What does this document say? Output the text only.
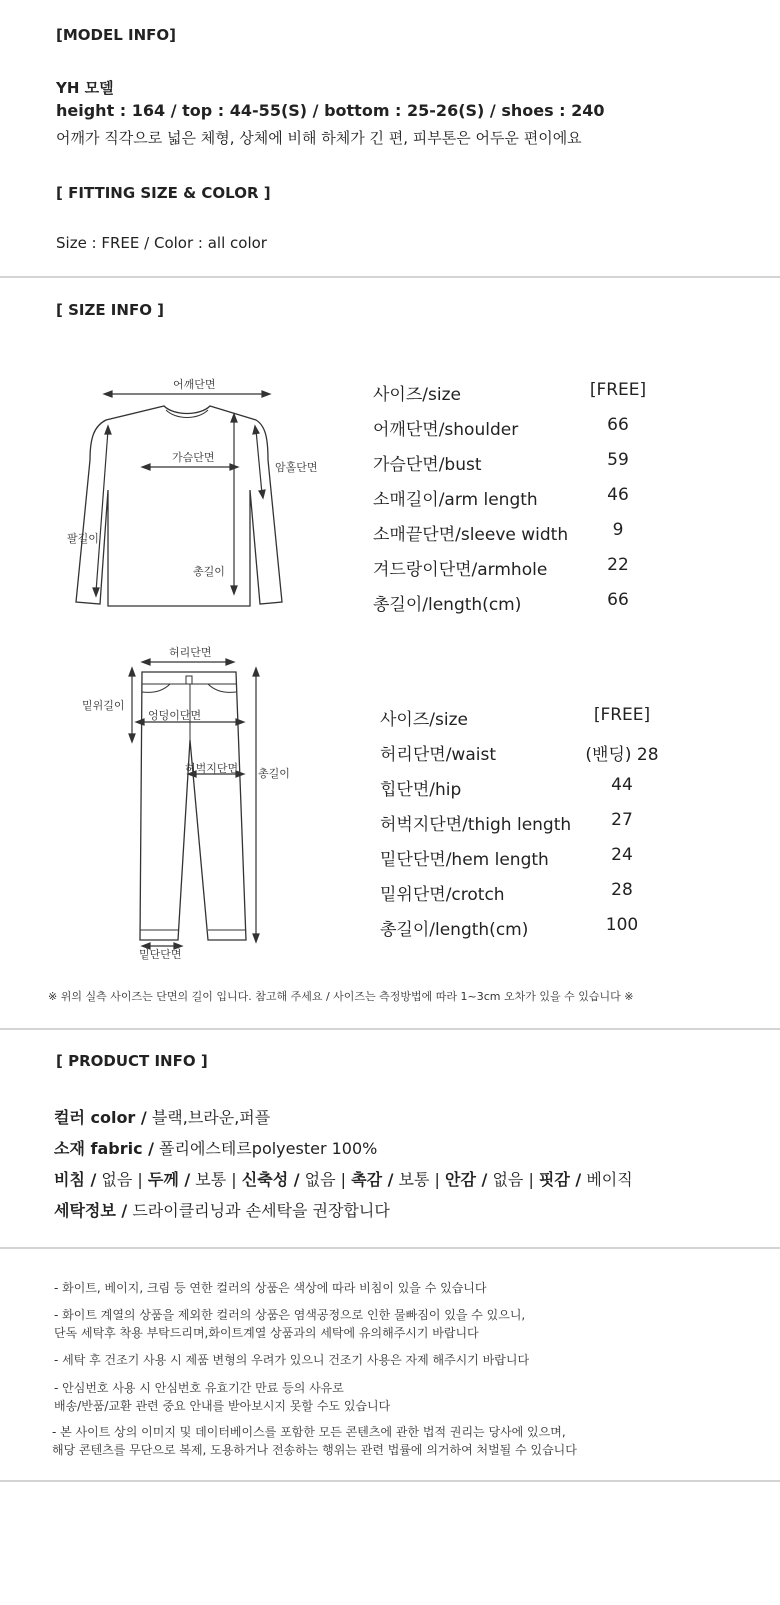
[MODEL INFO]
YH 모델
height : 164 / top : 44-55(S) / bottom : 25-26(S) / shoes : 240
어깨가 직각으로 넓은 체형, 상체에 비해 하체가 긴 편, 피부톤은 어두운 편이에요
[ FITTING SIZE & COLOR ]
Size : FREE / Color : all color
[ SIZE INFO ]
어깨단면
가슴단면
암홀단면
팔길이
총길이
사이즈/size	[FREE]
어깨단면/shoulder	66
가슴단면/bust	59
소매길이/arm length	46
소매끝단면/sleeve width	9
겨드랑이단면/armhole	22
총길이/length(cm)	66
허리단면
밑위길이
엉덩이단면
허벅지단면 총길이
밑단단면
사이즈/size	[FREE]
허리단면/waist	(밴딩) 28
힙단면/hip	44
허벅지단면/thigh length	27
밑단단면/hem length	24
밑위단면/crotch	28
총길이/length(cm)	100
※ 위의 실측 사이즈는 단면의 길이 입니다. 참고해 주세요 / 사이즈는 측정방법에 따라 1~3cm 오차가 있을 수 있습니다 ※
[ PRODUCT INFO ]
컬러 color / 블랙,브라운,퍼플
소재 fabric / 폴리에스테르polyester 100%
비침 / 없음 | 두께 / 보통 | 신축성 / 없음 | 촉감 / 보통 | 안감 / 없음 | 핏감 / 베이직
세탁정보 / 드라이클리닝과 손세탁을 권장합니다
- 화이트, 베이지, 크림 등 연한 컬러의 상품은 색상에 따라 비침이 있을 수 있습니다
- 화이트 계열의 상품을 제외한 컬러의 상품은 염색공정으로 인한 물빠짐이 있을 수 있으니,
단독 세탁후 착용 부탁드리며,화이트계열 상품과의 세탁에 유의해주시기 바랍니다
- 세탁 후 건조기 사용 시 제품 변형의 우려가 있으니 건조기 사용은 자제 해주시기 바랍니다
- 안심번호 사용 시 안심번호 유효기간 만료 등의 사유로
배송/반품/교환 관련 중요 안내를 받아보시지 못할 수도 있습니다
- 본 사이트 상의 이미지 및 데이터베이스를 포함한 모든 콘텐츠에 관한 법적 권리는 당사에 있으며,
해당 콘텐츠를 무단으로 복제, 도용하거나 전송하는 행위는 관련 법률에 의거하여 처벌될 수 있습니다
